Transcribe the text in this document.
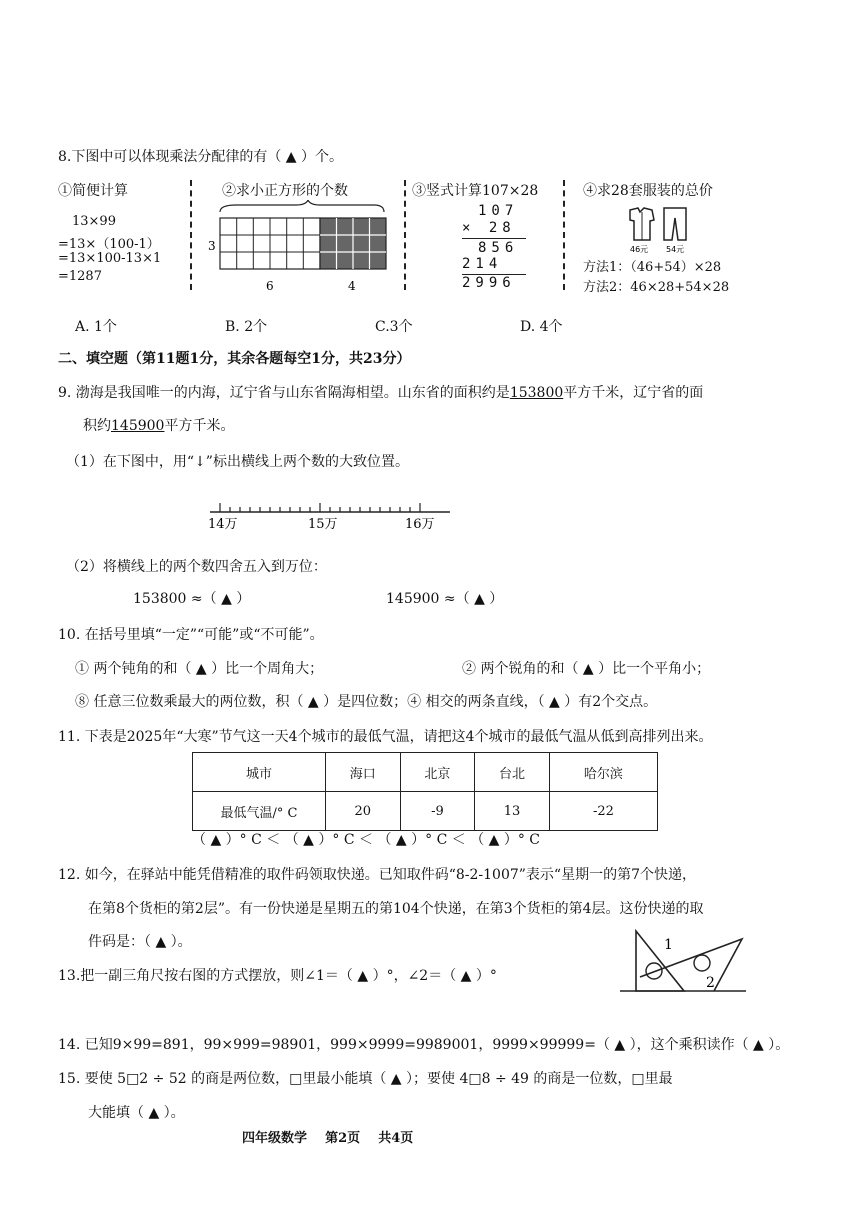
8.下图中可以体现乘法分配律的有（ ▲ ）个。
①简便计算
13×99
=13×（100-1）
=13×100-13×1
=1287
②求小正方形的个数
3
6	4
③竖式计算107×28
107
× 28
856
214
2996
④求28套服装的总价
46元 54元
方法1：（46+54）×28
方法2：46×28+54×28
A. 1个	B. 2个	C.3个	D. 4个
二、填空题（第11题1分，其余各题每空1分，共23分）
9. 渤海是我国唯一的内海，辽宁省与山东省隔海相望。山东省的面积约是153800平方千米，辽宁省的面
积约145900平方千米。
（1）在下图中，用“↓”标出横线上两个数的大致位置。
14万	15万	16万
（2）将横线上的两个数四舍五入到万位：
153800 ≈（ ▲ ）	145900 ≈（ ▲ ）
10. 在括号里填“一定”“可能”或“不可能”。
① 两个钝角的和（ ▲ ）比一个周角大；	② 两个锐角的和（ ▲ ）比一个平角小；
⑧ 任意三位数乘最大的两位数，积（ ▲ ）是四位数；④ 相交的两条直线，（ ▲ ）有2个交点。
11. 下表是2025年“大寒”节气这一天4个城市的最低气温，请把这4个城市的最低气温从低到高排列出来。
城市	海口	北京	台北	哈尔滨
最低气温/° C	20	-9	13	-22
（ ▲ ）° C ＜ （ ▲ ）° C ＜ （ ▲ ）° C ＜ （ ▲ ）° C
12. 如今，在驿站中能凭借精准的取件码领取快递。已知取件码“8-2-1007”表示“星期一的第7个快递，
在第8个货柜的第2层”。有一份快递是星期五的第104个快递，在第3个货柜的第4层。这份快递的取
件码是：（ ▲ ）。
13.把一副三角尺按右图的方式摆放，则∠1＝（ ▲ ）°，∠2＝（ ▲ ）°
1
2
14. 已知9×99=891，99×999=98901，999×9999=9989001，9999×99999=（ ▲ ），这个乘积读作（ ▲ ）。
15. 要使 5□2 ÷ 52 的商是两位数，□里最小能填（ ▲ ）；要使 4□8 ÷ 49 的商是一位数，□里最
大能填（ ▲ ）。
四年级数学    第2页    共4页
